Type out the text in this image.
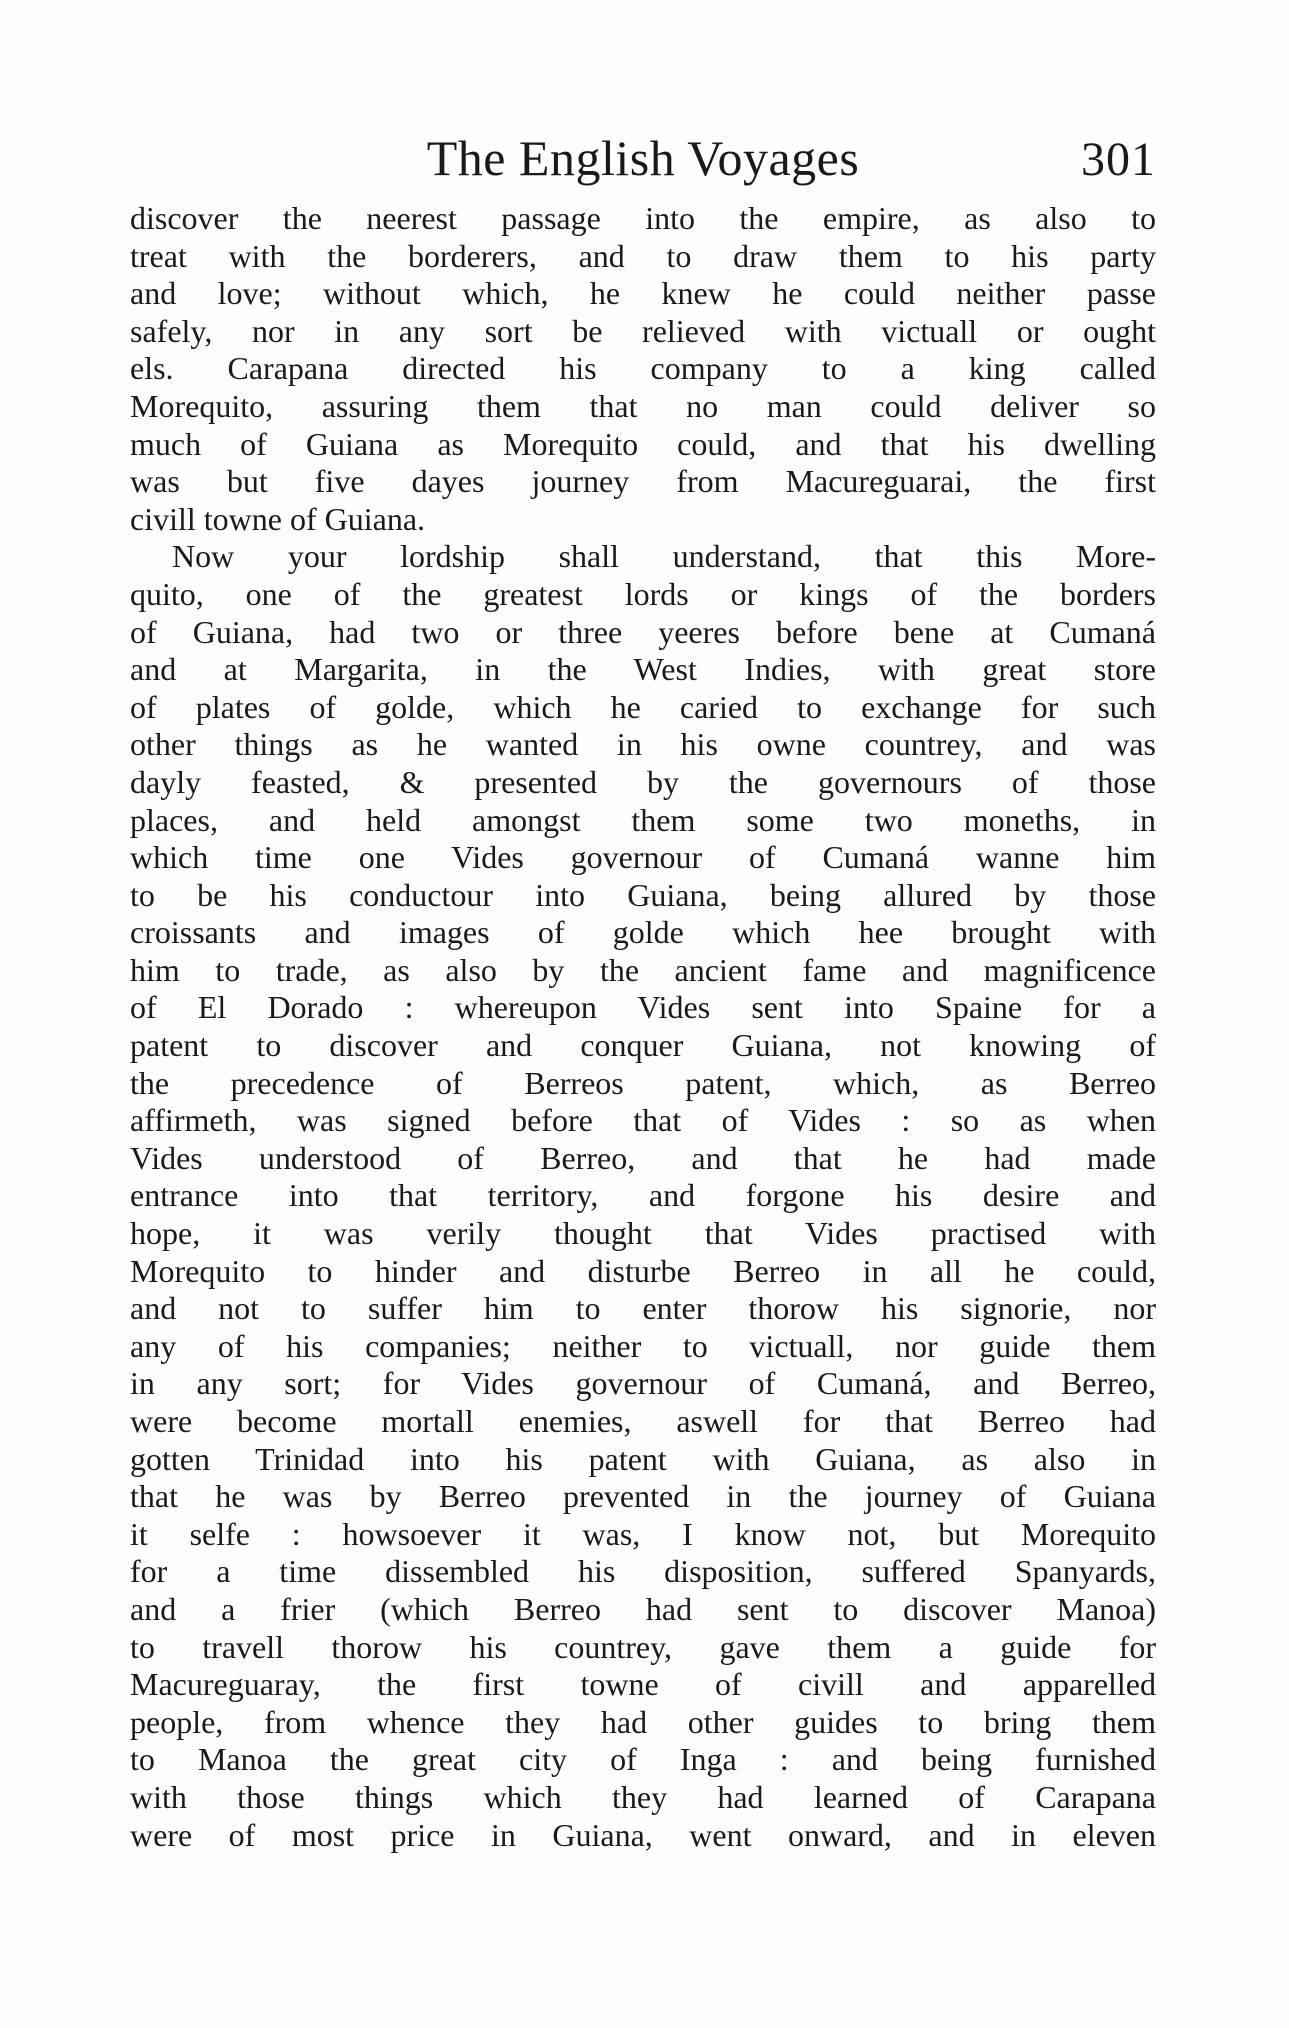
The English Voyages	301
discover the neerest passage into the empire, as also to
treat with the borderers, and to draw them to his party
and love; without which, he knew he could neither passe
safely, nor in any sort be relieved with victuall or ought
els. Carapana directed his company to a king called
Morequito, assuring them that no man could deliver so
much of Guiana as Morequito could, and that his dwelling
was but five dayes journey from Macureguarai, the first
civill towne of Guiana.
Now your lordship shall understand, that this More-
quito, one of the greatest lords or kings of the borders
of Guiana, had two or three yeeres before bene at Cumaná
and at Margarita, in the West Indies, with great store
of plates of golde, which he caried to exchange for such
other things as he wanted in his owne countrey, and was
dayly feasted, & presented by the governours of those
places, and held amongst them some two moneths, in
which time one Vides governour of Cumaná wanne him
to be his conductour into Guiana, being allured by those
croissants and images of golde which hee brought with
him to trade, as also by the ancient fame and magnificence
of El Dorado : whereupon Vides sent into Spaine for a
patent to discover and conquer Guiana, not knowing of
the precedence of Berreos patent, which, as Berreo
affirmeth, was signed before that of Vides : so as when
Vides understood of Berreo, and that he had made
entrance into that territory, and forgone his desire and
hope, it was verily thought that Vides practised with
Morequito to hinder and disturbe Berreo in all he could,
and not to suffer him to enter thorow his signorie, nor
any of his companies; neither to victuall, nor guide them
in any sort; for Vides governour of Cumaná, and Berreo,
were become mortall enemies, aswell for that Berreo had
gotten Trinidad into his patent with Guiana, as also in
that he was by Berreo prevented in the journey of Guiana
it selfe : howsoever it was, I know not, but Morequito
for a time dissembled his disposition, suffered Spanyards,
and a frier (which Berreo had sent to discover Manoa)
to travell thorow his countrey, gave them a guide for
Macureguaray, the first towne of civill and apparelled
people, from whence they had other guides to bring them
to Manoa the great city of Inga : and being furnished
with those things which they had learned of Carapana
were of most price in Guiana, went onward, and in eleven
